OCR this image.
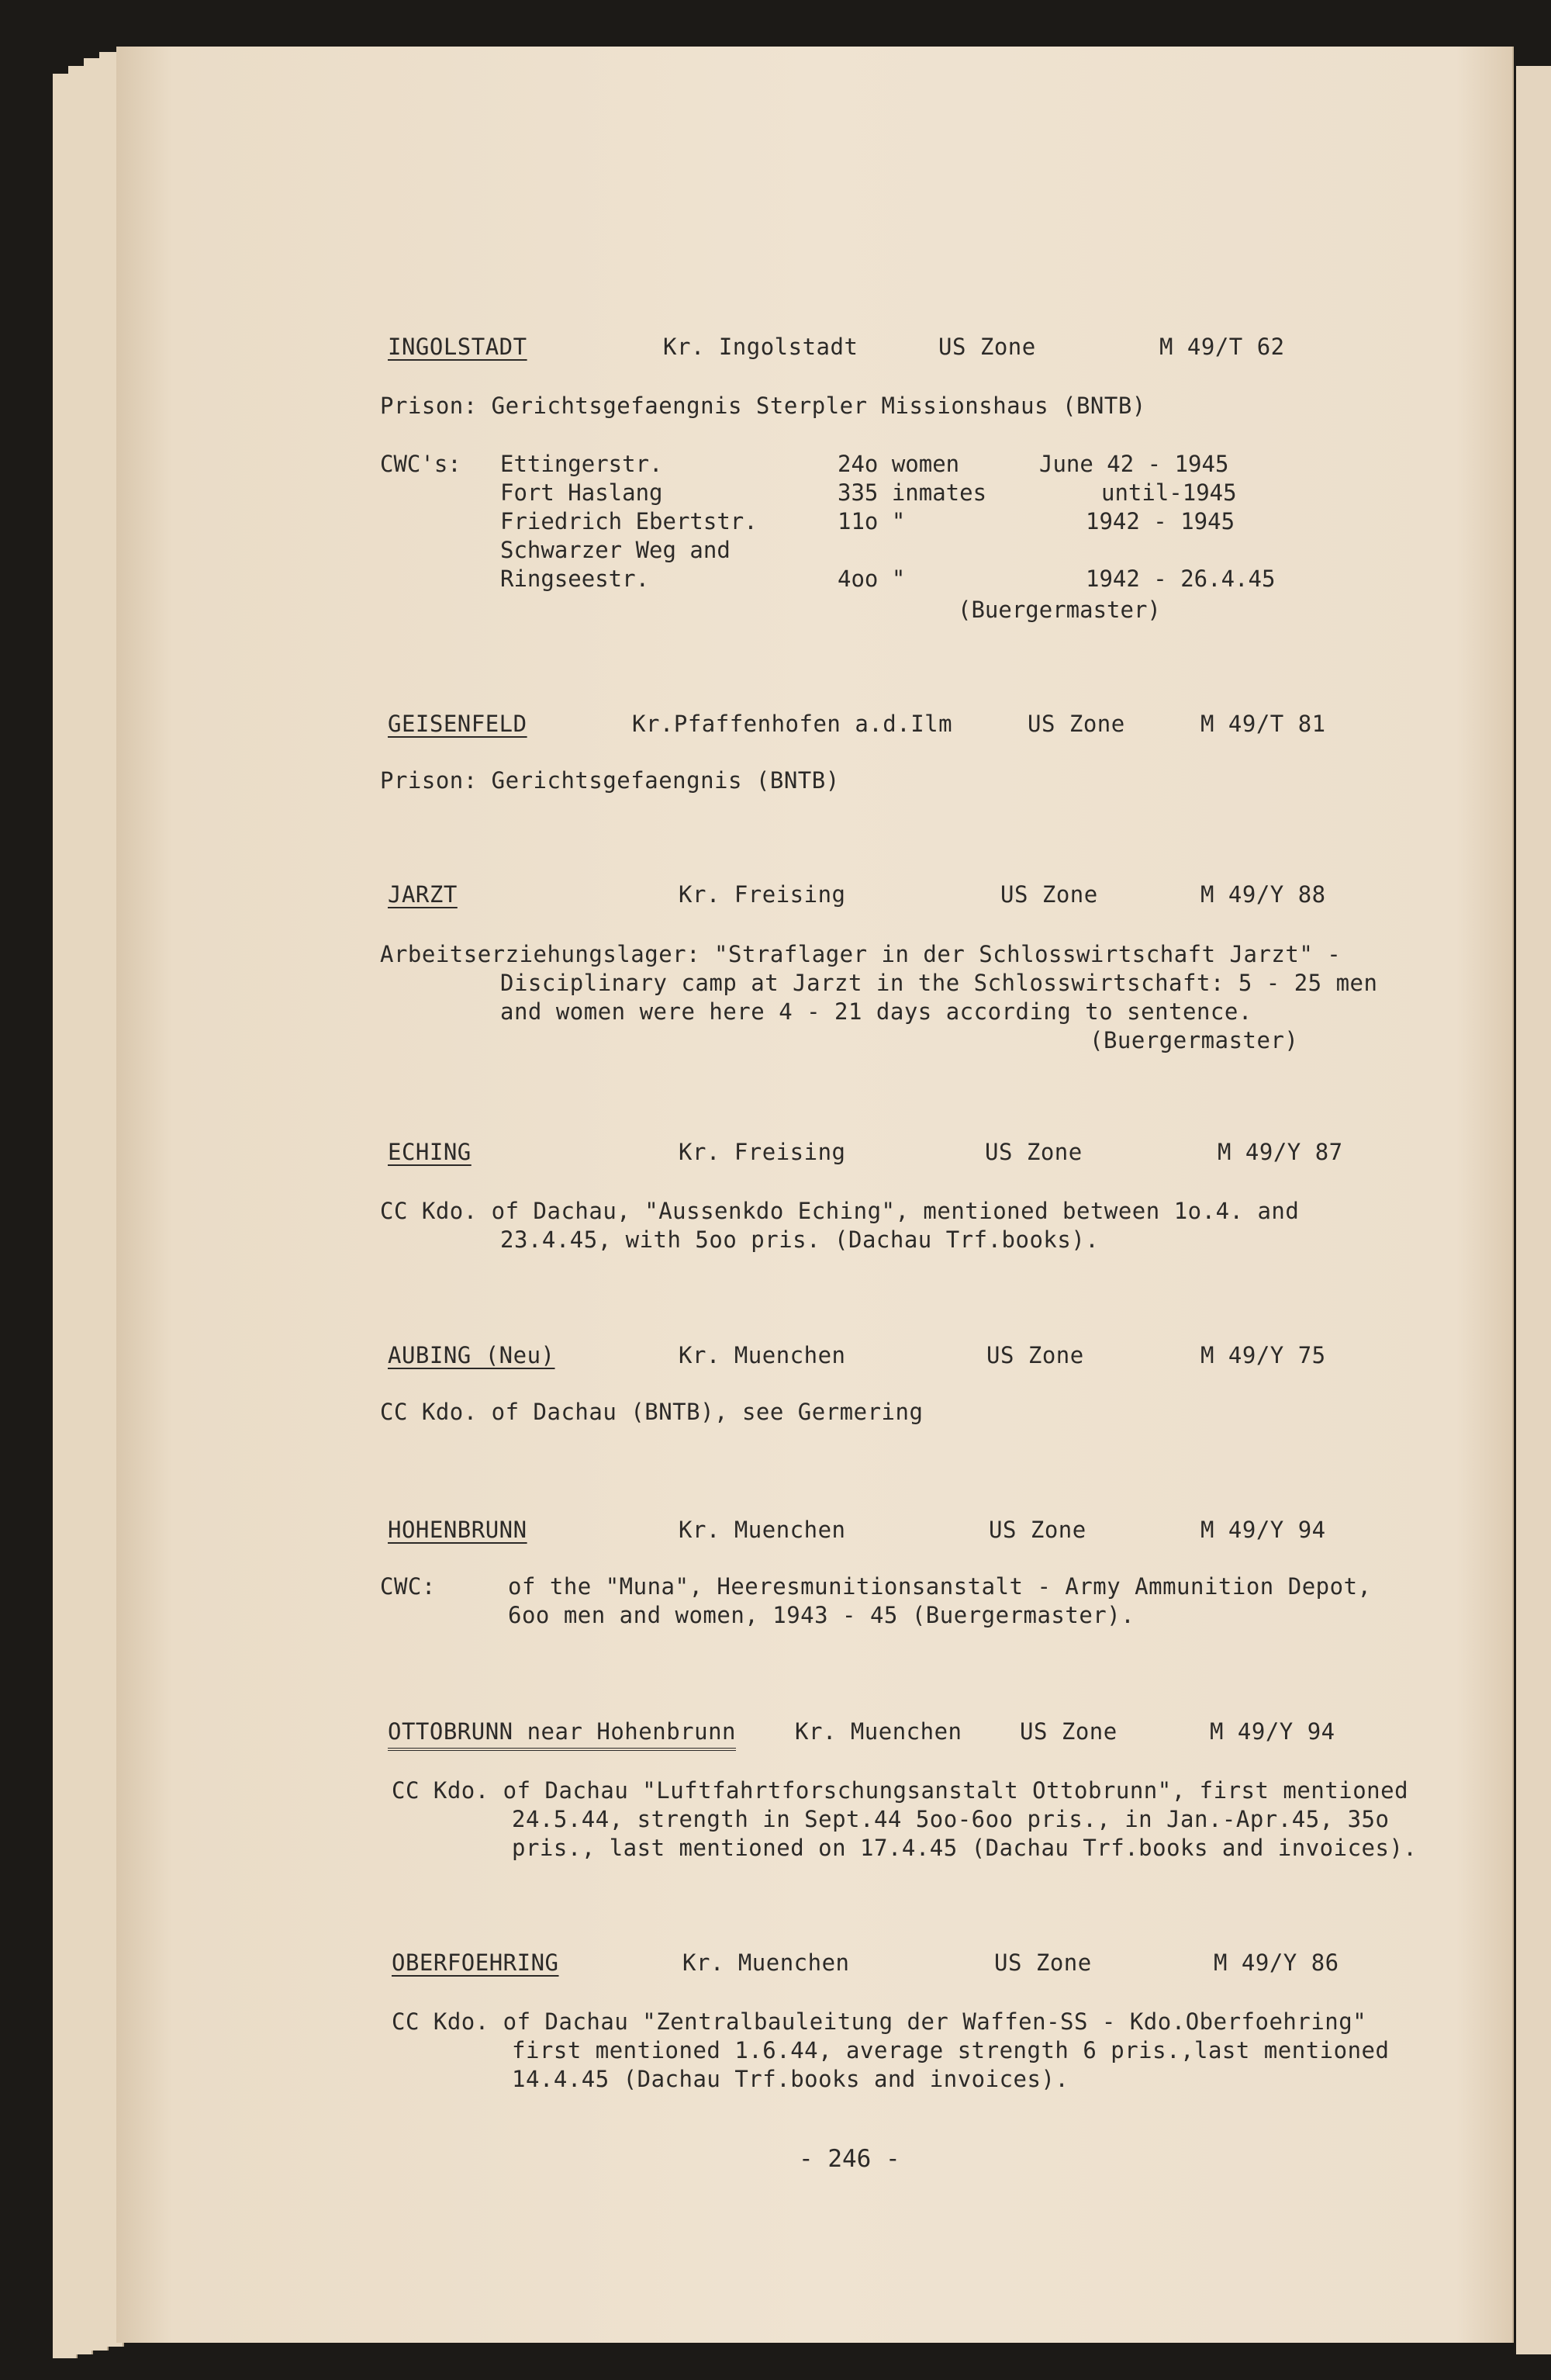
INGOLSTADT	Kr. Ingolstadt	US Zone	M 49/T 62
Prison: Gerichtsgefaengnis Sterpler Missionshaus (BNTB)
CWC's: Ettingerstr.	24o women	June 42 - 1945
Fort Haslang	335 inmates	until-1945
Friedrich Ebertstr.	11o "	1942 - 1945
Schwarzer Weg and
Ringseestr.	4oo "	1942 - 26.4.45
(Buergermaster)
GEISENFELD	Kr.Pfaffenhofen a.d.Ilm	US Zone	M 49/T 81
Prison: Gerichtsgefaengnis (BNTB)
JARZT	Kr. Freising	US Zone	M 49/Y 88
Arbeitserziehungslager: "Straflager in der Schlosswirtschaft Jarzt" -
Disciplinary camp at Jarzt in the Schlosswirtschaft: 5 - 25 men
and women were here 4 - 21 days according to sentence.
(Buergermaster)
ECHING	Kr. Freising	US Zone	M 49/Y 87
CC Kdo. of Dachau, "Aussenkdo Eching", mentioned between 1o.4. and
23.4.45, with 5oo pris. (Dachau Trf.books).
AUBING (Neu)	Kr. Muenchen	US Zone	M 49/Y 75
CC Kdo. of Dachau (BNTB), see Germering
HOHENBRUNN	Kr. Muenchen	US Zone	M 49/Y 94
CWC:	of the "Muna", Heeresmunitionsanstalt - Army Ammunition Depot,
6oo men and women, 1943 - 45 (Buergermaster).
OTTOBRUNN near Hohenbrunn	Kr. Muenchen	US Zone	M 49/Y 94
CC Kdo. of Dachau "Luftfahrtforschungsanstalt Ottobrunn", first mentioned
24.5.44, strength in Sept.44 5oo-6oo pris., in Jan.-Apr.45, 35o
pris., last mentioned on 17.4.45 (Dachau Trf.books and invoices).
OBERFOEHRING	Kr. Muenchen	US Zone	M 49/Y 86
CC Kdo. of Dachau "Zentralbauleitung der Waffen-SS - Kdo.Oberfoehring"
first mentioned 1.6.44, average strength 6 pris.,last mentioned
14.4.45 (Dachau Trf.books and invoices).
- 246 -
